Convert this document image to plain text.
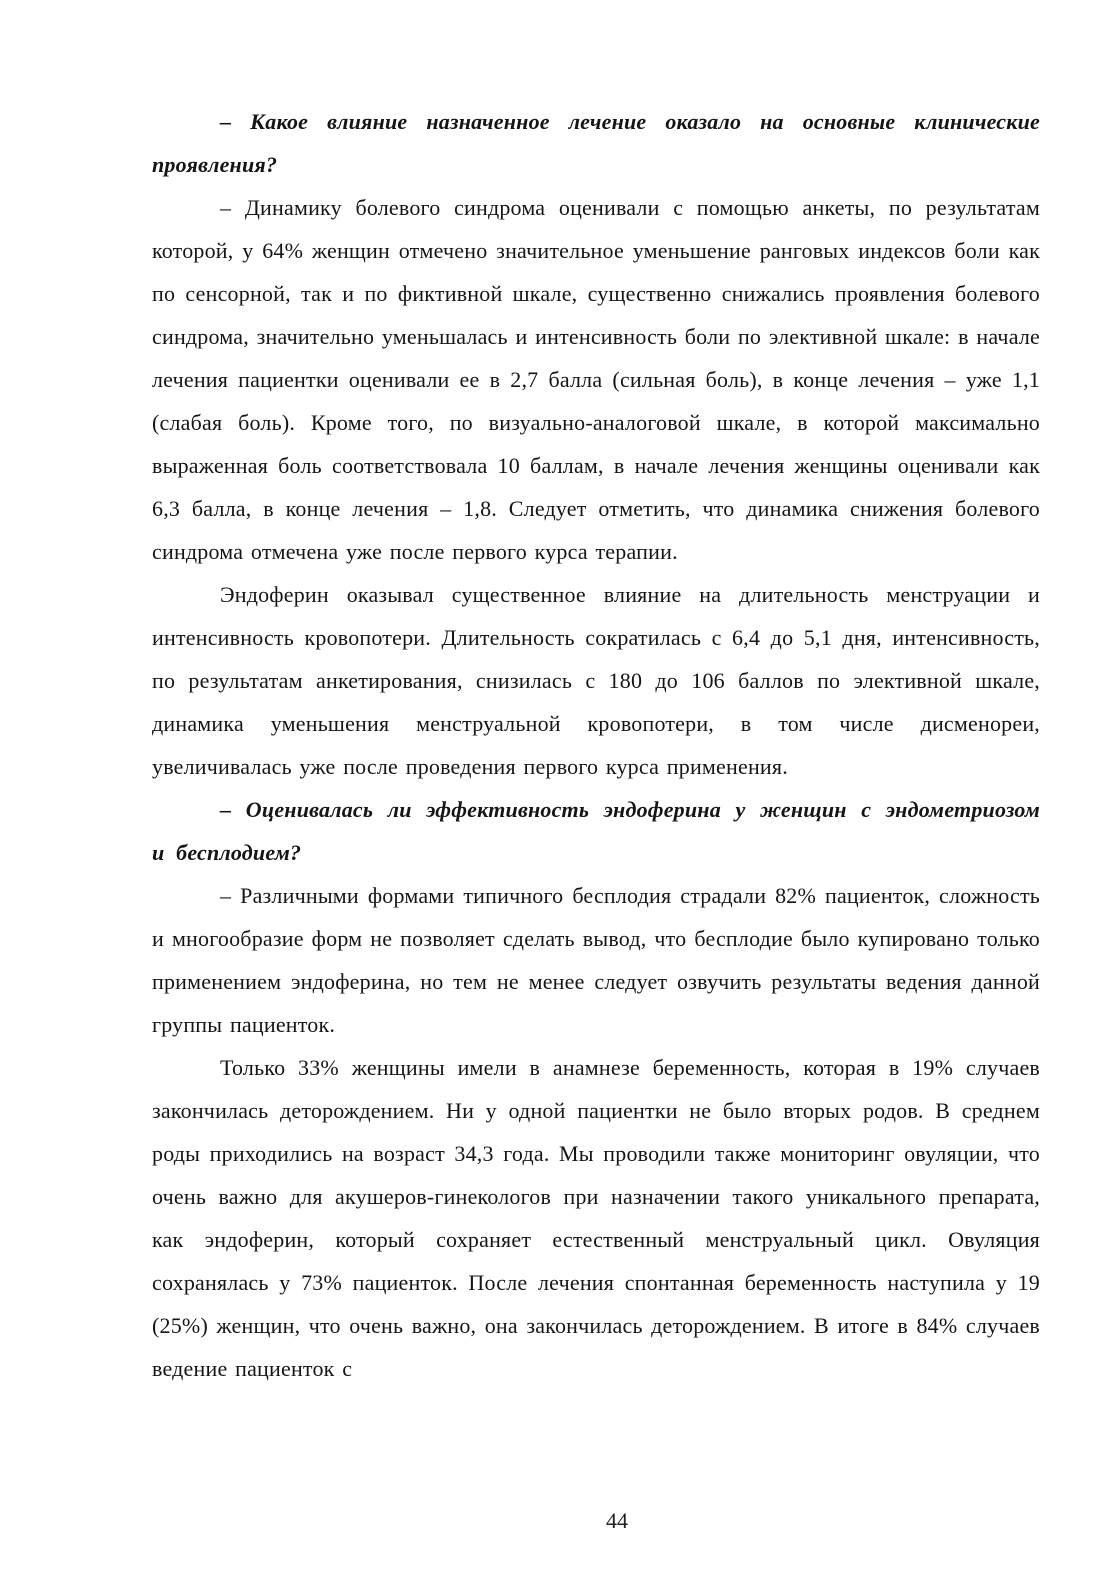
– Какое влияние назначенное лечение оказало на основные клинические проявления?

– Динамику болевого синдрома оценивали с помощью анкеты, по результатам которой, у 64% женщин отмечено значительное уменьшение ранговых индексов боли как по сенсорной, так и по фиктивной шкале, существенно снижались проявления болевого синдрома, значительно уменьшалась и интенсивность боли по элективной шкале: в начале лечения пациентки оценивали ее в 2,7 балла (сильная боль), в конце лечения – уже 1,1 (слабая боль). Кроме того, по визуально-аналоговой шкале, в которой максимально выраженная боль соответствовала 10 баллам, в начале лечения женщины оценивали как 6,3 балла, в конце лечения – 1,8. Следует отметить, что динамика снижения болевого синдрома отмечена уже после первого курса терапии.

Эндоферин оказывал существенное влияние на длительность менструации и интенсивность кровопотери. Длительность сократилась с 6,4 до 5,1 дня, интенсивность, по результатам анкетирования, снизилась с 180 до 106 баллов по элективной шкале, динамика уменьшения менструальной кровопотери, в том числе дисменореи, увеличивалась уже после проведения первого курса применения.

– Оценивалась ли эффективность эндоферина у женщин с эндометриозом и бесплодием?

– Различными формами типичного бесплодия страдали 82% пациенток, сложность и многообразие форм не позволяет сделать вывод, что бесплодие было купировано только применением эндоферина, но тем не менее следует озвучить результаты ведения данной группы пациенток.

Только 33% женщины имели в анамнезе беременность, которая в 19% случаев закончилась деторождением. Ни у одной пациентки не было вторых родов. В среднем роды приходились на возраст 34,3 года. Мы проводили также мониторинг овуляции, что очень важно для акушеров-гинекологов при назначении такого уникального препарата, как эндоферин, который сохраняет естественный менструальный цикл. Овуляция сохранялась у 73% пациенток. После лечения спонтанная беременность наступила у 19 (25%) женщин, что очень важно, она закончилась деторождением. В итоге в 84% случаев ведение пациенток с

44
